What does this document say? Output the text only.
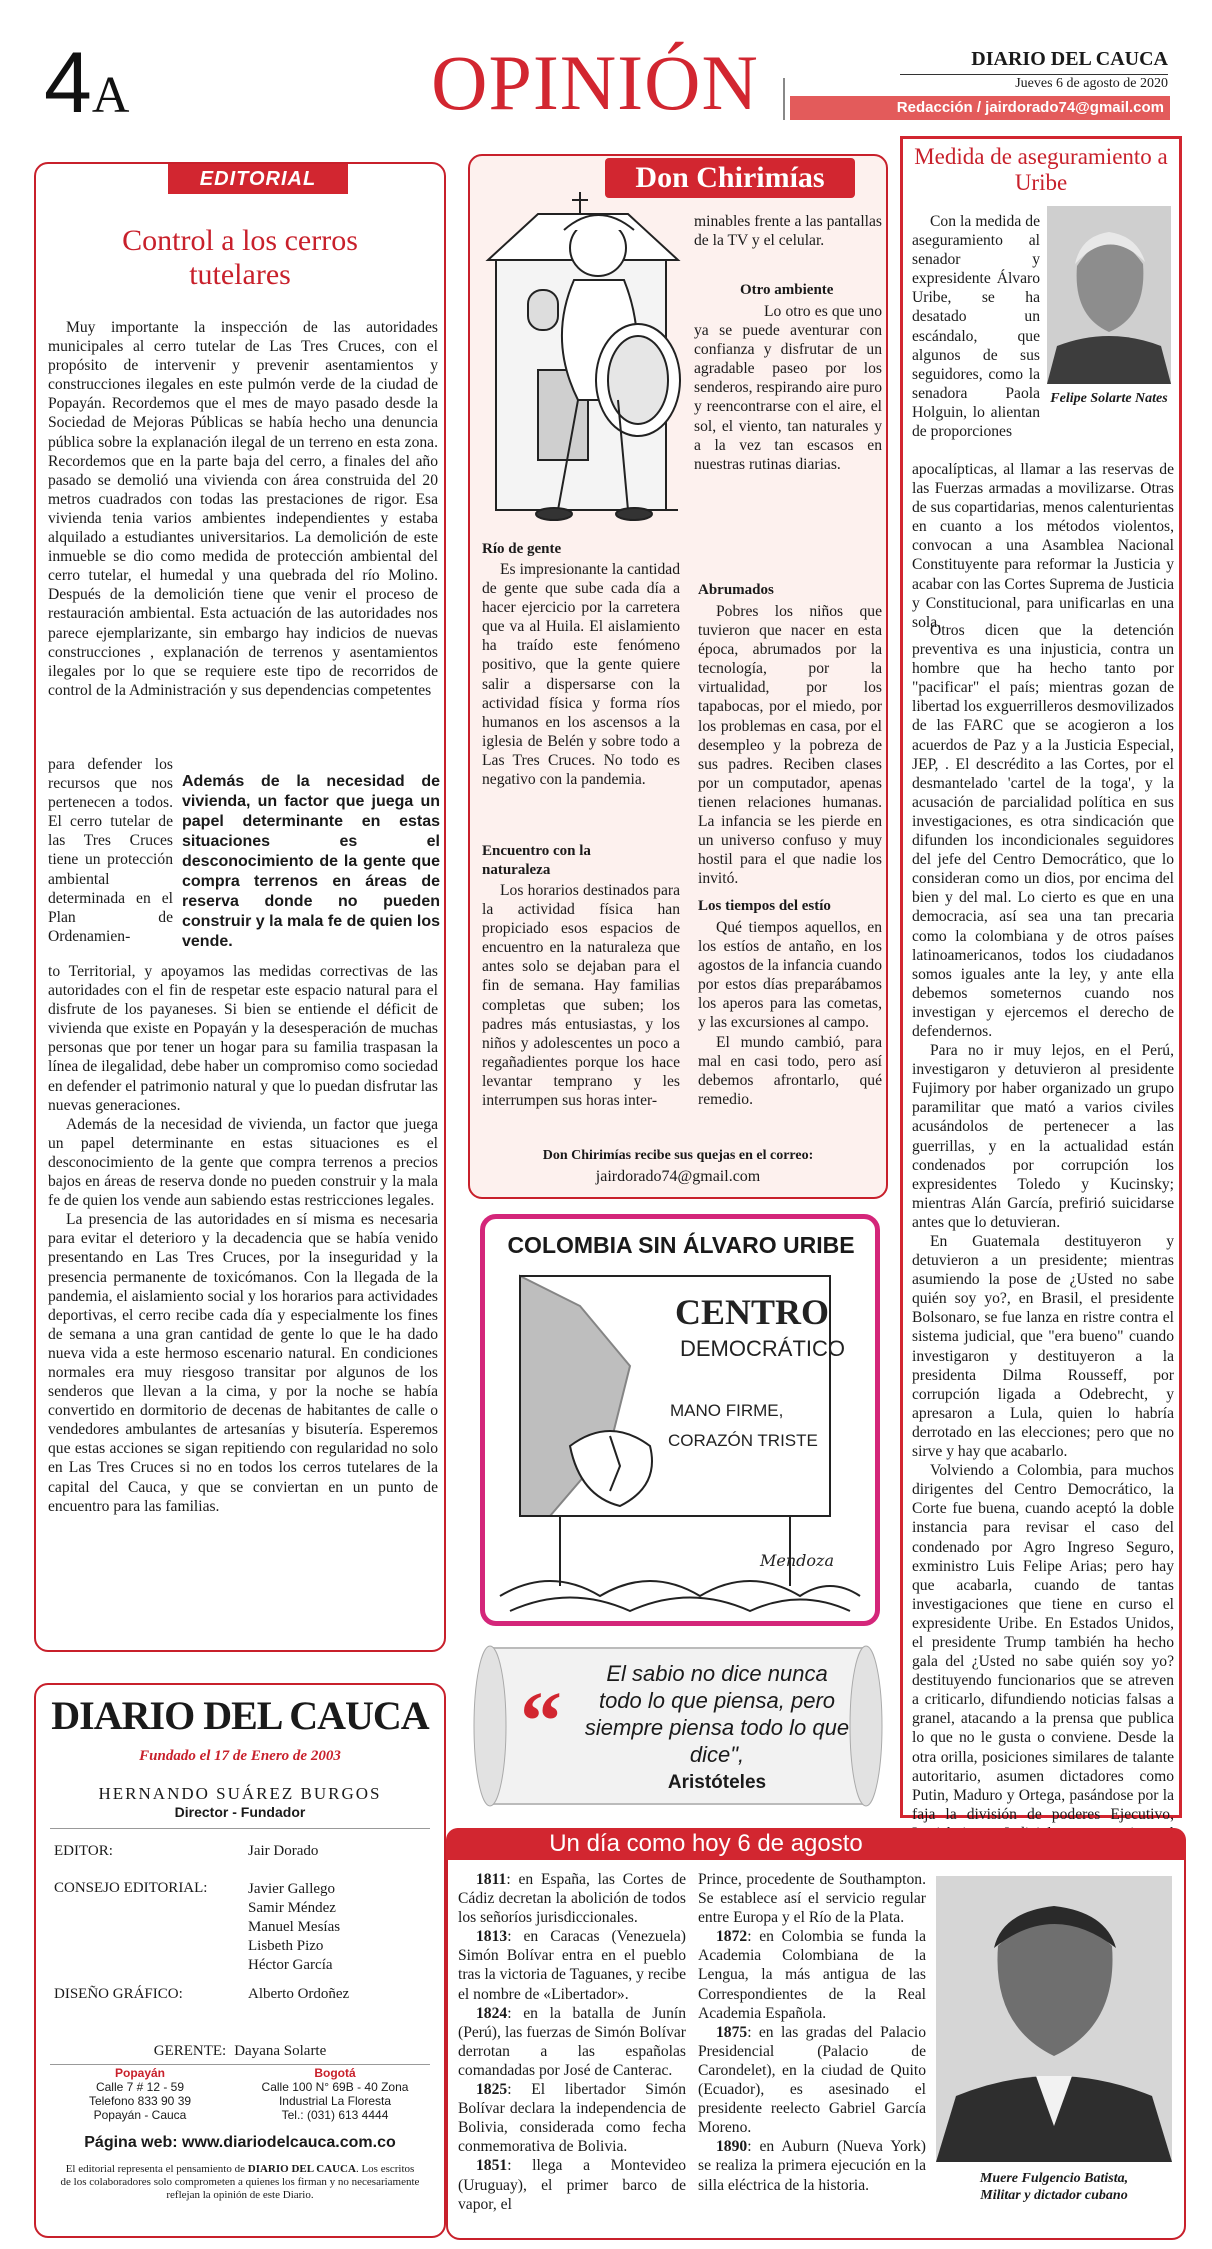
4A	OPINIÓN	DIARIO DEL CAUCA
Jueves 6 de agosto de 2020
Redacción / jairdorado74@gmail.com
EDITORIAL
Control a los cerros tutelares

Muy importante la inspección de las autoridades municipales al cerro tutelar de Las Tres Cruces, con el propósito de intervenir y prevenir asentamientos y construcciones ilegales en este pulmón verde de la ciudad de Popayán. Recordemos que el mes de mayo pasado desde la Sociedad de Mejoras Públicas se había hecho una denuncia pública sobre la explanación ilegal de un terreno en esta zona. Recordemos que en la parte baja del cerro, a finales del año pasado se demolió una vivienda con área construida del 20 metros cuadrados con todas las prestaciones de rigor. Esa vivienda tenia varios ambientes independientes y estaba alquilado a estudiantes universitarios. La demolición de este inmueble se dio como medida de protección ambiental del cerro tutelar, el humedal y una quebrada del río Molino. Después de la demolición tiene que venir el proceso de restauración ambiental. Esta actuación de las autoridades nos parece ejemplarizante, sin embargo hay indicios de nuevas construcciones , explanación de terrenos y asentamientos ilegales por lo que se requiere este tipo de recorridos de control de la Administración y sus dependencias competentes

para defender los recursos que nos pertenecen a todos. El cerro tutelar de las Tres Cruces tiene un protección ambiental determinada en el Plan de Ordenamien-
Además de la necesidad de vivienda, un factor que juega un papel determinante en estas situaciones es el desconocimiento de la gente que compra terrenos en áreas de reserva donde no pueden construir y la mala fe de quien los vende.

to Territorial, y apoyamos las medidas correctivas de las autoridades con el fin de respetar este espacio natural para el disfrute de los payaneses. Si bien se entiende el déficit de vivienda que existe en Popayán y la desesperación de muchas personas que por tener un hogar para su familia traspasan la línea de ilegalidad, debe haber un compromiso como sociedad en defender el patrimonio natural y que lo puedan disfrutar las nuevas generaciones.

Además de la necesidad de vivienda, un factor que juega un papel determinante en estas situaciones es el desconocimiento de la gente que compra terrenos a precios bajos en áreas de reserva donde no pueden construir y la mala fe de quien los vende aun sabiendo estas restricciones legales.

La presencia de las autoridades en sí misma es necesaria para evitar el deterioro y la decadencia que se había venido presentando en Las Tres Cruces, por la inseguridad y la presencia permanente de toxicómanos. Con la llegada de la pandemia, el aislamiento social y los horarios para actividades deportivas, el cerro recibe cada día y especialmente los fines de semana a una gran cantidad de gente lo que le ha dado nueva vida a este hermoso escenario natural. En condiciones normales era muy riesgoso transitar por algunos de los senderos que llevan a la cima, y por la noche se había convertido en dormitorio de decenas de habitantes de calle o vendedores ambulantes de artesanías y bisutería. Esperemos que estas acciones se sigan repitiendo con regularidad no solo en Las Tres Cruces si no en todos los cerros tutelares de la capital del Cauca, y que se conviertan en un punto de encuentro para las familias.

Don Chirimías
minables frente a las pantallas de la TV y el celular.
Otro ambiente
Lo otro es que uno ya se puede aventurar con confianza y disfrutar de un agradable paseo por los senderos, respirando aire puro y reencontrarse con el aire, el sol, el viento, tan naturales y a la vez tan escasos en nuestras rutinas diarias.
Río de gente
Es impresionante la cantidad de gente que sube cada día a hacer ejercicio por la carretera que va al Huila. El aislamiento ha traído este fenómeno positivo, que la gente quiere salir a dispersarse con la actividad física y forma ríos humanos en los ascensos a la iglesia de Belén y sobre todo a Las Tres Cruces. No todo es negativo con la pandemia.
Encuentro con la naturaleza
Los horarios destinados para la actividad física han propiciado esos espacios de encuentro en la naturaleza que antes solo se dejaban para el fin de semana. Hay familias completas que suben; los padres más entusiastas, y los niños y adolescentes un poco a regañadientes porque los hace levantar temprano y les interrumpen sus horas inter-
Abrumados
Pobres los niños que tuvieron que nacer en esta época, abrumados por la tecnología, por la virtualidad, por los tapabocas, por el miedo, por los problemas en casa, por el desempleo y la pobreza de sus padres. Reciben clases por un computador, apenas tienen relaciones humanas. La infancia se les pierde en un universo confuso y muy hostil para el que nadie los invitó.
Los tiempos del estío

Qué tiempos aquellos, en los estíos de antaño, en los agostos de la infancia cuando por estos días preparábamos los aperos para las cometas, y las excursiones al campo.

El mundo cambió, para mal en casi todo, pero así debemos afrontarlo, qué remedio.

Don Chirimías recibe sus quejas en el correo:
jairdorado74@gmail.com
COLOMBIA SIN ÁLVARO URIBE
CENTRO
DEMOCRÁTICO
MANO FIRME,
CORAZÓN TRISTE
Mendoza
“
El sabio no dice nunca todo lo que piensa, pero siempre piensa todo lo que dice",
Aristóteles
Medida de aseguramiento a Uribe
Felipe Solarte Nates
Con la medida de aseguramiento al senador y expresidente Álvaro Uribe, se ha desatado un escándalo, que algunos de sus seguidores, como la senadora Paola Holguin, lo alientan de proporciones
apocalípticas, al llamar a las reservas de las Fuerzas armadas a movilizarse. Otras de sus copartidarias, menos calenturientas en cuanto a los métodos violentos, convocan a una Asamblea Nacional Constituyente para reformar la Justicia y acabar con las Cortes Suprema de Justicia y Constitucional, para unificarlas en una sola.

Otros dicen que la detención preventiva es una injusticia, contra un hombre que ha hecho tanto por "pacificar" el país; mientras gozan de libertad los exguerrilleros desmovilizados de las FARC que se acogieron a los acuerdos de Paz y a la Justicia Especial, JEP, . El descrédito a las Cortes, por el desmantelado 'cartel de la toga', y la acusación de parcialidad política en sus investigaciones, es otra sindicación que difunden los incondicionales seguidores del jefe del Centro Democrático, que lo consideran como un dios, por encima del bien y del mal. Lo cierto es que en una democracia, así sea una tan precaria como la colombiana y de otros países latinoamericanos, todos los ciudadanos somos iguales ante la ley, y ante ella debemos someternos cuando nos investigan y ejercemos el derecho de defendernos.

Para no ir muy lejos, en el Perú, investigaron y detuvieron al presidente Fujimory por haber organizado un grupo paramilitar que mató a varios civiles acusándolos de pertenecer a las guerrillas, y en la actualidad están condenados por corrupción los expresidentes Toledo y Kucinsky; mientras Alán García, prefirió suicidarse antes que lo detuvieran.

En Guatemala destituyeron y detuvieron a un presidente; mientras asumiendo la pose de ¿Usted no sabe quién soy yo?, en Brasil, el presidente Bolsonaro, se fue lanza en ristre contra el sistema judicial, que "era bueno" cuando investigaron y destituyeron a la presidenta Dilma Rousseff, por corrupción ligada a Odebrecht, y apresaron a Lula, quien lo habría derrotado en las elecciones; pero que no sirve y hay que acabarlo.

Volviendo a Colombia, para muchos dirigentes del Centro Democrático, la Corte fue buena, cuando aceptó la doble instancia para revisar el caso del condenado por Agro Ingreso Seguro, exministro Luis Felipe Arias; pero hay que acabarla, cuando de tantas investigaciones que tiene en curso el expresidente Uribe. En Estados Unidos, el presidente Trump también ha hecho gala del ¿Usted no sabe quién soy yo? destituyendo funcionarios que se atreven a criticarlo, difundiendo noticias falsas a granel, atacando a la prensa que publica lo que no le gusta o conviene. Desde la otra orilla, posiciones similares de talante autoritario, asumen dictadores como Putin, Maduro y Ortega, pasándose por la faja la división de poderes Ejecutivo,

DIARIO DEL CAUCA
Fundado el 17 de Enero de 2003
HERNANDO SUÁREZ BURGOS
Director - Fundador
EDITOR:	Jair Dorado
CONSEJO EDITORIAL:	Javier Gallego
Samir Méndez
Manuel Mesías
Lisbeth Pizo
Héctor García
DISEÑO GRÁFICO:	Alberto Ordoñez
GERENTE: Dayana Solarte
Popayán
Calle 7 # 12 - 59
Telefono 833 90 39
Popayán - Cauca
Bogotá
Calle 100 N° 69B - 40 Zona
Industrial La Floresta
Tel.: (031) 613 4444
Página web: www.diariodelcauca.com.co
El editorial representa el pensamiento de DIARIO DEL CAUCA. Los escritos de los colaboradores solo comprometen a quienes los firman y no necesariamente reflejan la opinión de este Diario.
Un día como hoy 6 de agosto

1811: en España, las Cortes de Cádiz decretan la abolición de todos los señoríos jurisdiccionales.

1813: en Caracas (Venezuela) Simón Bolívar entra en el pueblo tras la victoria de Taguanes, y recibe el nombre de «Libertador».

1824: en la batalla de Junín (Perú), las fuerzas de Simón Bolívar derrotan a las españolas comandadas por José de Canterac.

1825: El libertador Simón Bolívar declara la independencia de Bolivia, considerada como fecha conmemorativa de Bolivia.

1851: llega a Montevideo (Uruguay), el primer barco de vapor, el

Prince, procedente de Southampton. Se establece así el servicio regular entre Europa y el Río de la Plata.

1872: en Colombia se funda la Academia Colombiana de la Lengua, la más antigua de las Correspondientes de la Real Academia Española.

1875: en las gradas del Palacio Presidencial (Palacio de Carondelet), en la ciudad de Quito (Ecuador), es asesinado el presidente reelecto Gabriel García Moreno.

1890: en Auburn (Nueva York) se realiza la primera ejecución en la silla eléctrica de la historia.	Muere Fulgencio Batista,
Militar y dictador cubano
